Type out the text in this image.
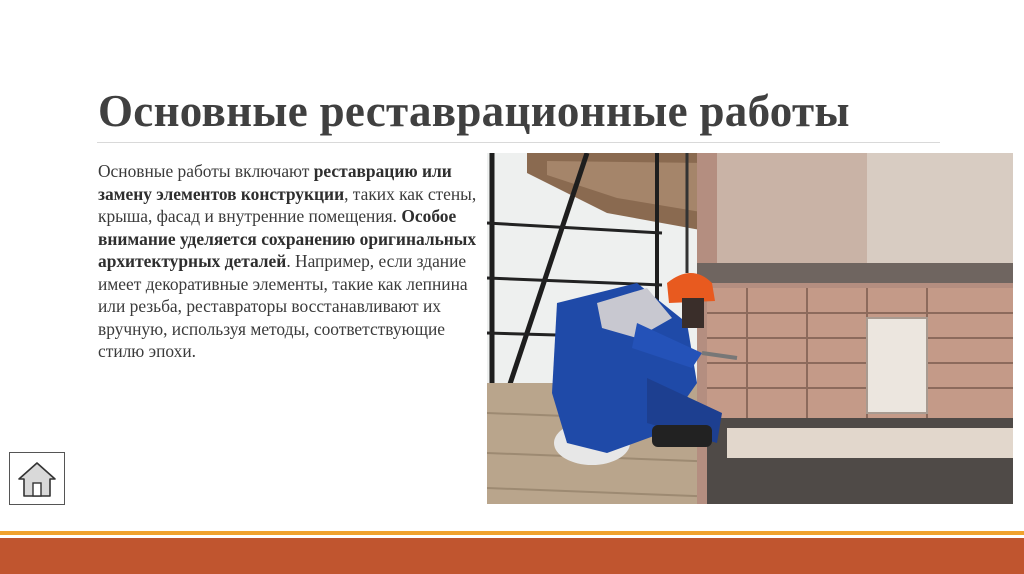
Основные реставрационные работы
Основные работы включают реставрацию или замену элементов конструкции, таких как стены, крыша, фасад и внутренние помещения. Особое внимание уделяется сохранению оригинальных архитектурных деталей. Например, если здание имеет декоративные элементы, такие как лепнина или резьба, реставраторы восстанавливают их вручную, используя методы, соответствующие стилю эпохи.
